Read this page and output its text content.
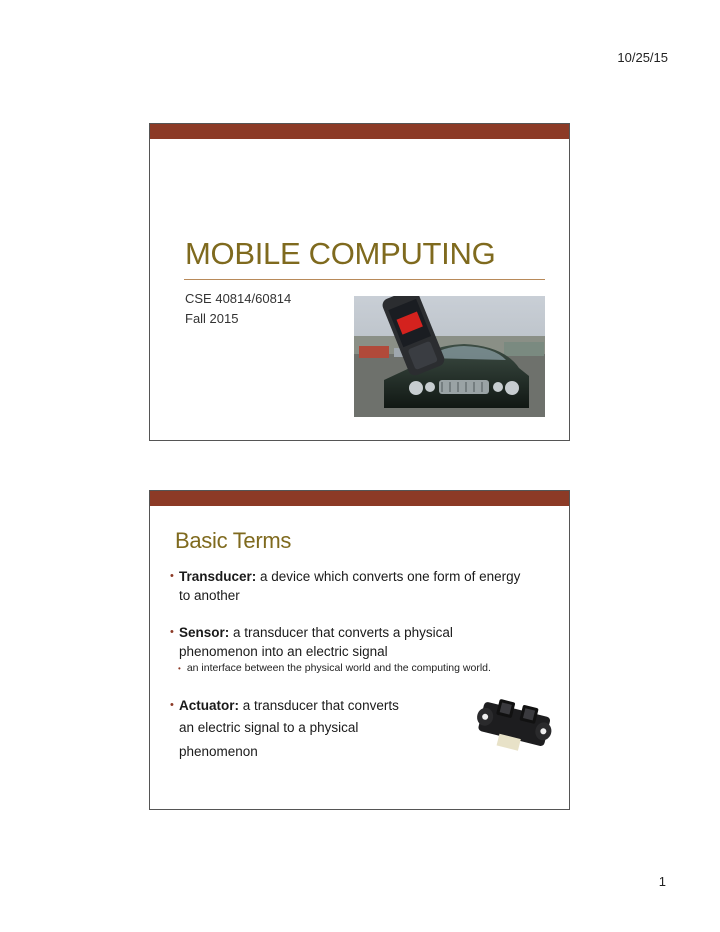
10/25/15
MOBILE COMPUTING
CSE 40814/60814
Fall 2015
Basic Terms
• Transducer: a device which converts one form of energy
to another
• Sensor: a transducer that converts a physical
phenomenon into an electric signal
• an interface between the physical world and the computing world.
• Actuator: a transducer that converts
an electric signal to a physical
phenomenon
1
